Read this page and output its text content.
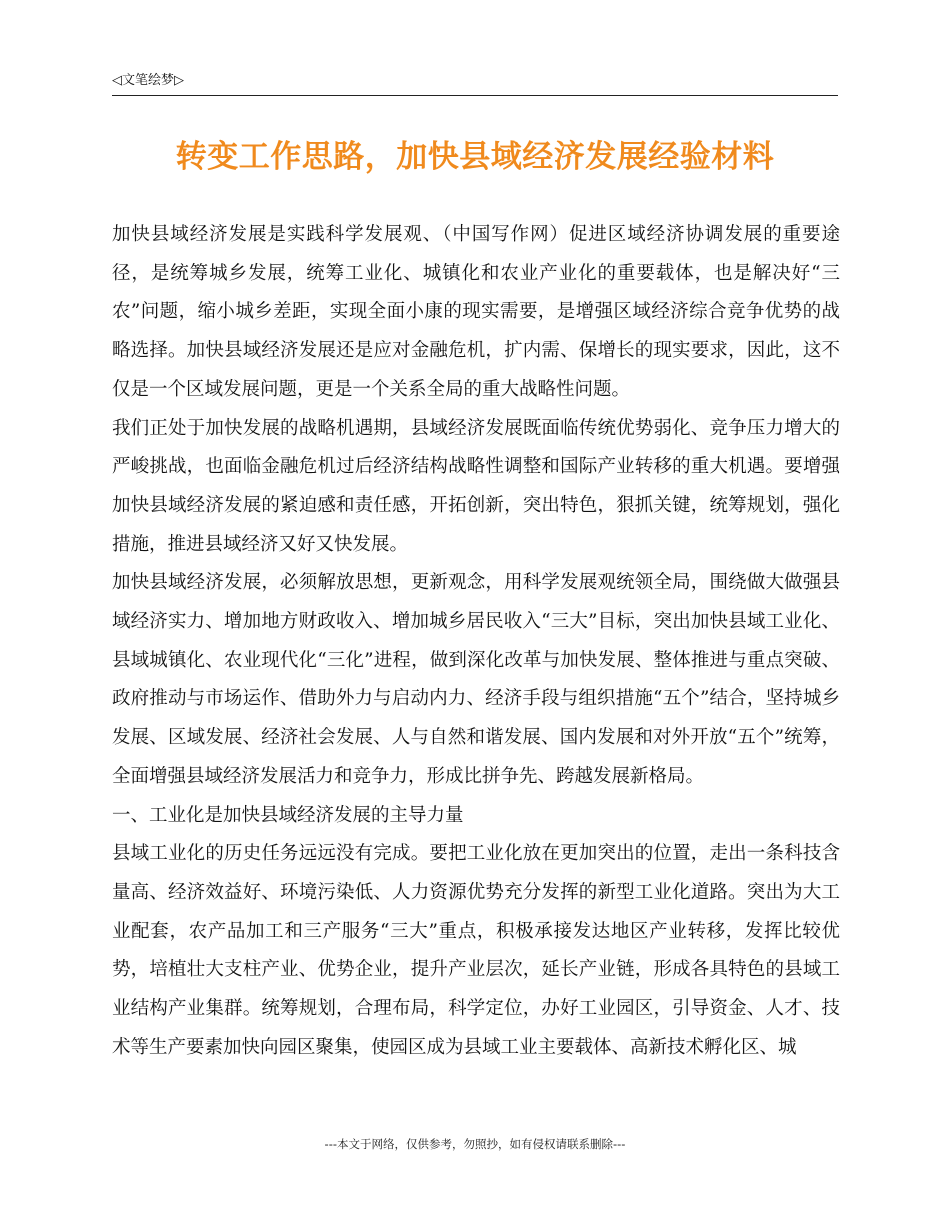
◁文笔绘梦▷
转变工作思路，加快县域经济发展经验材料

加快县域经济发展是实践科学发展观、（中国写作网）促进区域经济协调发展的重要途径，是统筹城乡发展，统筹工业化、城镇化和农业产业化的重要载体，也是解决好“三农”问题，缩小城乡差距，实现全面小康的现实需要，是增强区域经济综合竞争优势的战略选择。加快县域经济发展还是应对金融危机，扩内需、保增长的现实要求，因此，这不仅是一个区域发展问题，更是一个关系全局的重大战略性问题。

我们正处于加快发展的战略机遇期，县域经济发展既面临传统优势弱化、竞争压力增大的严峻挑战，也面临金融危机过后经济结构战略性调整和国际产业转移的重大机遇。要增强加快县域经济发展的紧迫感和责任感，开拓创新，突出特色，狠抓关键，统筹规划，强化措施，推进县域经济又好又快发展。

加快县域经济发展，必须解放思想，更新观念，用科学发展观统领全局，围绕做大做强县域经济实力、增加地方财政收入、增加城乡居民收入“三大”目标，突出加快县域工业化、县域城镇化、农业现代化“三化”进程，做到深化改革与加快发展、整体推进与重点突破、政府推动与市场运作、借助外力与启动内力、经济手段与组织措施“五个”结合，坚持城乡发展、区域发展、经济社会发展、人与自然和谐发展、国内发展和对外开放“五个”统筹，全面增强县域经济发展活力和竞争力，形成比拼争先、跨越发展新格局。

一、工业化是加快县域经济发展的主导力量

县域工业化的历史任务远远没有完成。要把工业化放在更加突出的位置，走出一条科技含量高、经济效益好、环境污染低、人力资源优势充分发挥的新型工业化道路。突出为大工业配套，农产品加工和三产服务“三大”重点，积极承接发达地区产业转移，发挥比较优势，培植壮大支柱产业、优势企业，提升产业层次，延长产业链，形成各具特色的县域工业结构产业集群。统筹规划，合理布局，科学定位，办好工业园区，引导资金、人才、技术等生产要素加快向园区聚集，使园区成为县域工业主要载体、高新技术孵化区、城

---本文于网络，仅供参考，勿照抄，如有侵权请联系删除---
